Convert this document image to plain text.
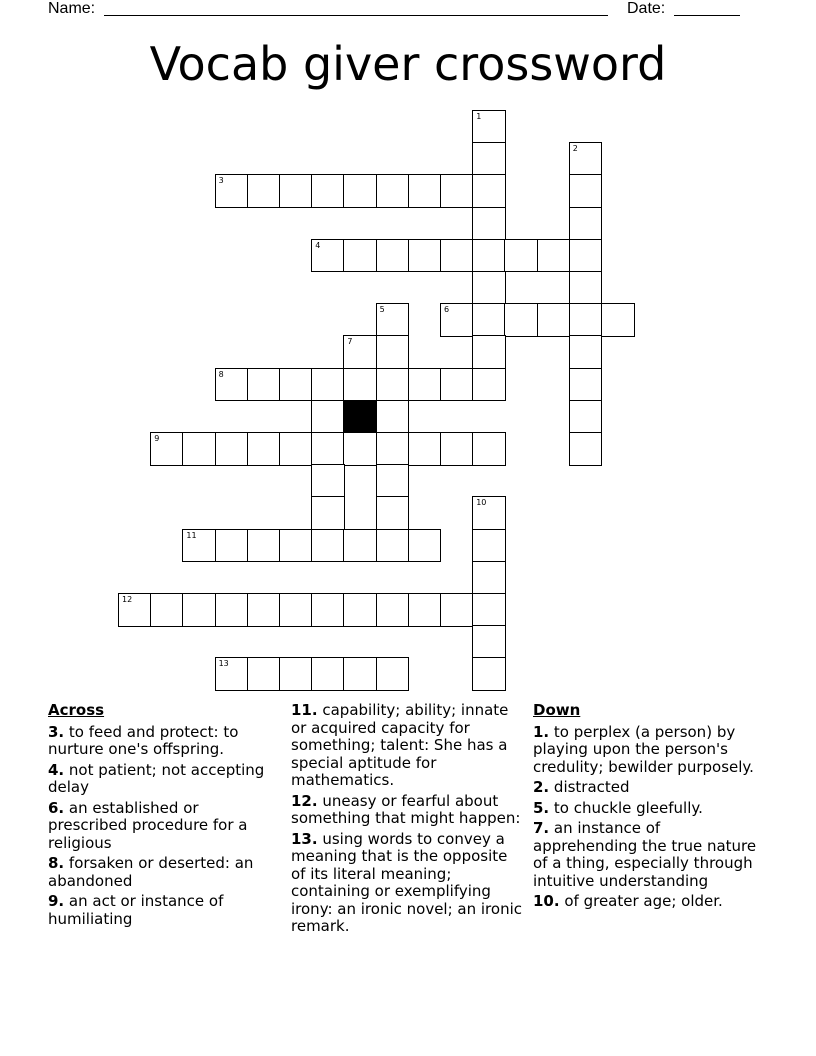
Name:	Date:
Vocab giver crossword
1
2
3
4
5	6
7
8
9
10
11
12
13
Across
3. to feed and protect: to nurture one's offspring.
4. not patient; not accepting delay
6. an established or prescribed procedure for a religious
8. forsaken or deserted: an abandoned
9. an act or instance of humiliating
11. capability; ability; innate or acquired capacity for something; talent: She has a special aptitude for mathematics.
12. uneasy or fearful about something that might happen:
13. using words to convey a meaning that is the opposite of its literal meaning; containing or exemplifying irony: an ironic novel; an ironic remark.
Down
1. to perplex (a person) by playing upon the person's credulity; bewilder purposely.
2. distracted
5. to chuckle gleefully.
7. an instance of apprehending the true nature of a thing, especially through intuitive understanding
10. of greater age; older.
